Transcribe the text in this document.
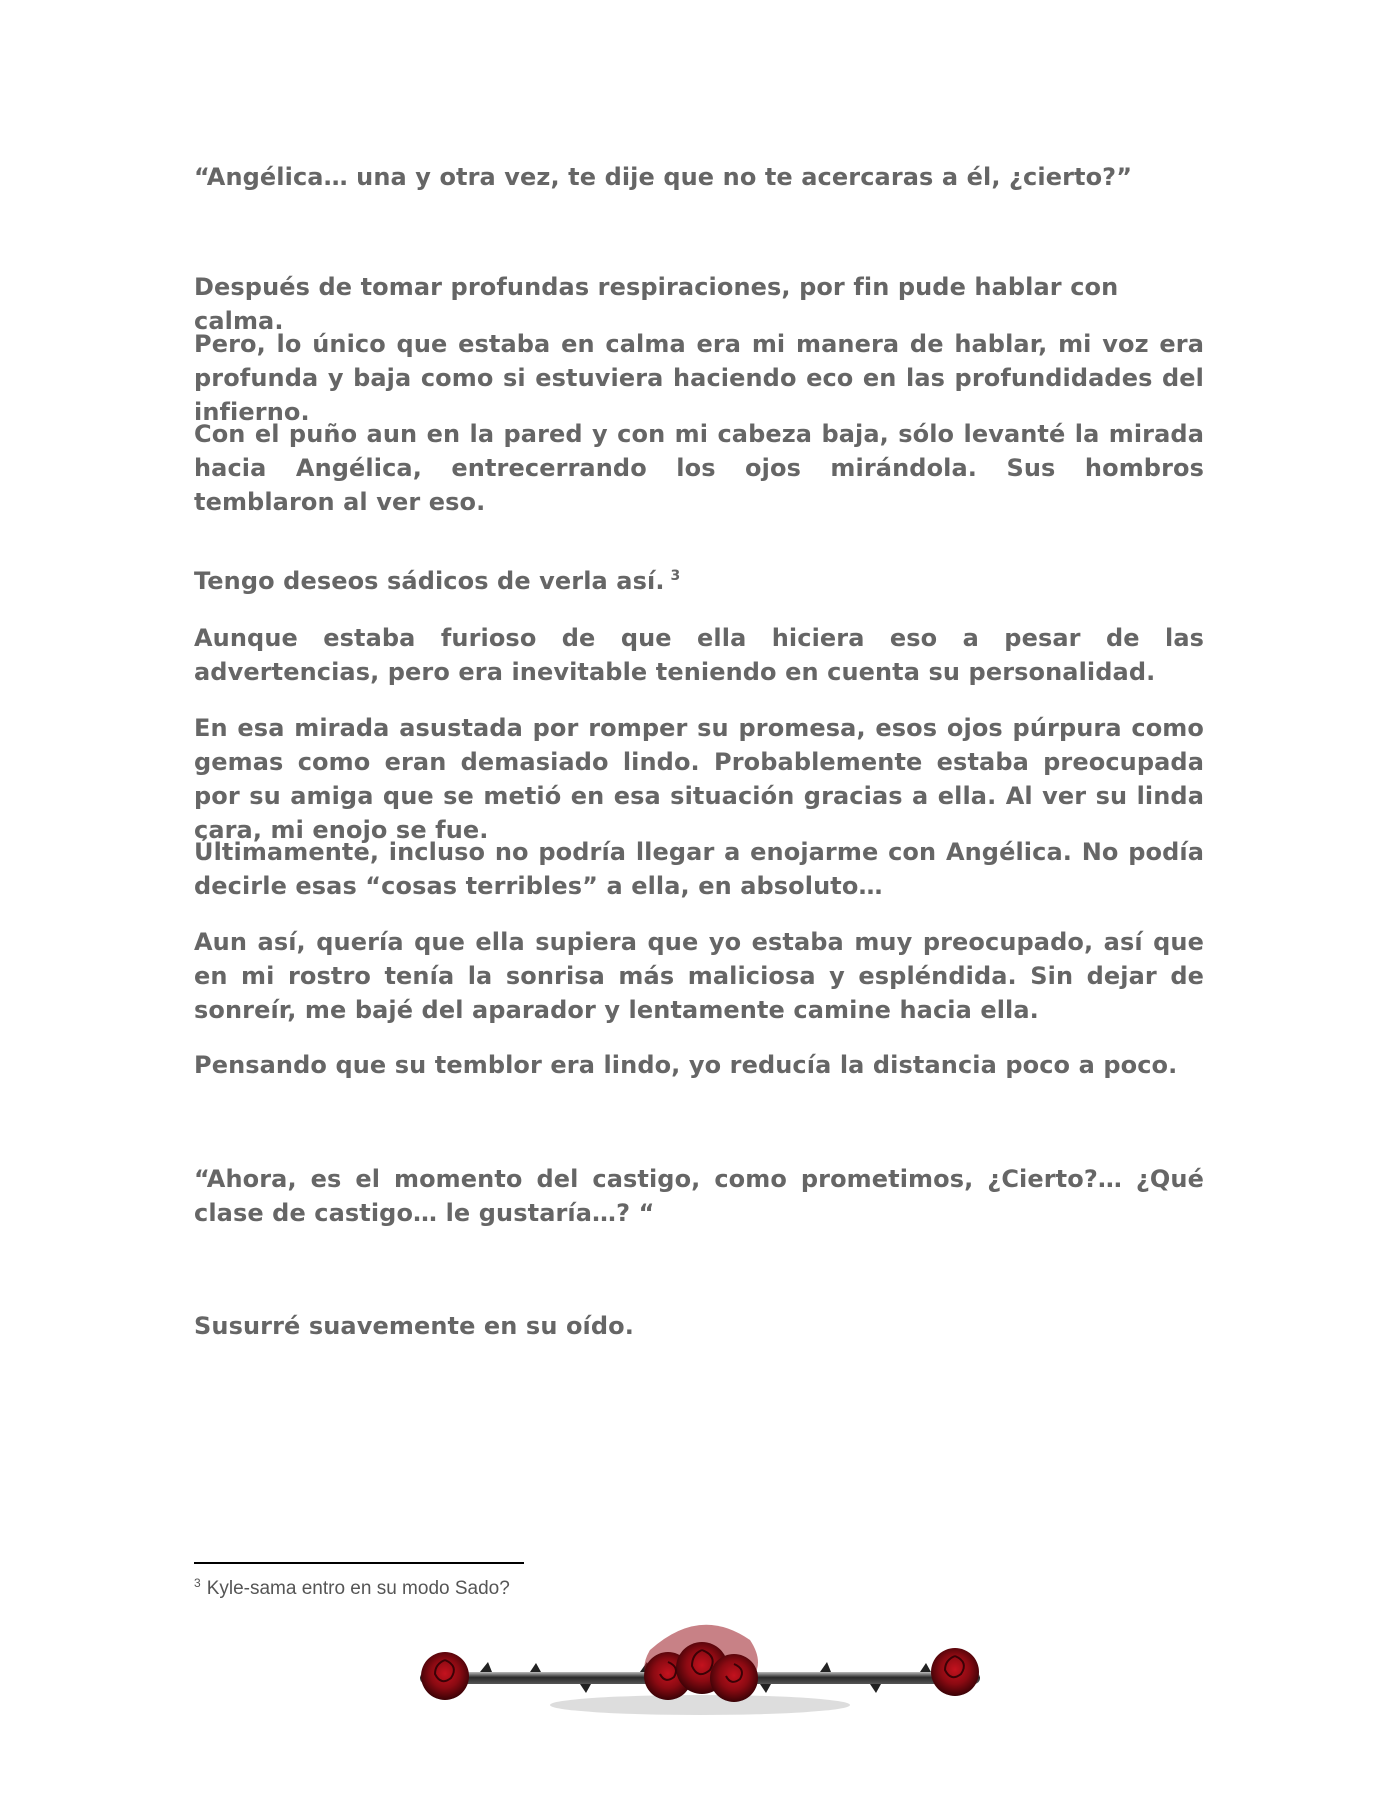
“Angélica… una y otra vez, te dije que no te acercaras a él, ¿cierto?”

Después de tomar profundas respiraciones, por fin pude hablar con calma.

Pero, lo único que estaba en calma era mi manera de hablar, mi voz era profunda y baja como si estuviera haciendo eco en las profundidades del infierno.

Con el puño aun en la pared y con mi cabeza baja, sólo levanté la mirada hacia Angélica, entrecerrando los ojos mirándola. Sus hombros temblaron al ver eso.

Tengo deseos sádicos de verla así. $^3$

Aunque estaba furioso de que ella hiciera eso a pesar de las advertencias, pero era inevitable teniendo en cuenta su personalidad.

En esa mirada asustada por romper su promesa, esos ojos púrpura como gemas como eran demasiado lindo. Probablemente estaba preocupada por su amiga que se metió en esa situación gracias a ella. Al ver su linda cara, mi enojo se fue.

Últimamente, incluso no podría llegar a enojarme con Angélica. No podía decirle esas “cosas terribles” a ella, en absoluto…

Aun así, quería que ella supiera que yo estaba muy preocupado, así que en mi rostro tenía la sonrisa más maliciosa y espléndida. Sin dejar de sonreír, me bajé del aparador y lentamente camine hacia ella.

Pensando que su temblor era lindo, yo reducía la distancia poco a poco.

“Ahora, es el momento del castigo, como prometimos, ¿Cierto?… ¿Qué clase de castigo… le gustaría…? “

Susurré suavemente en su oído.

$^3$ Kyle-sama entro en su modo Sado?
